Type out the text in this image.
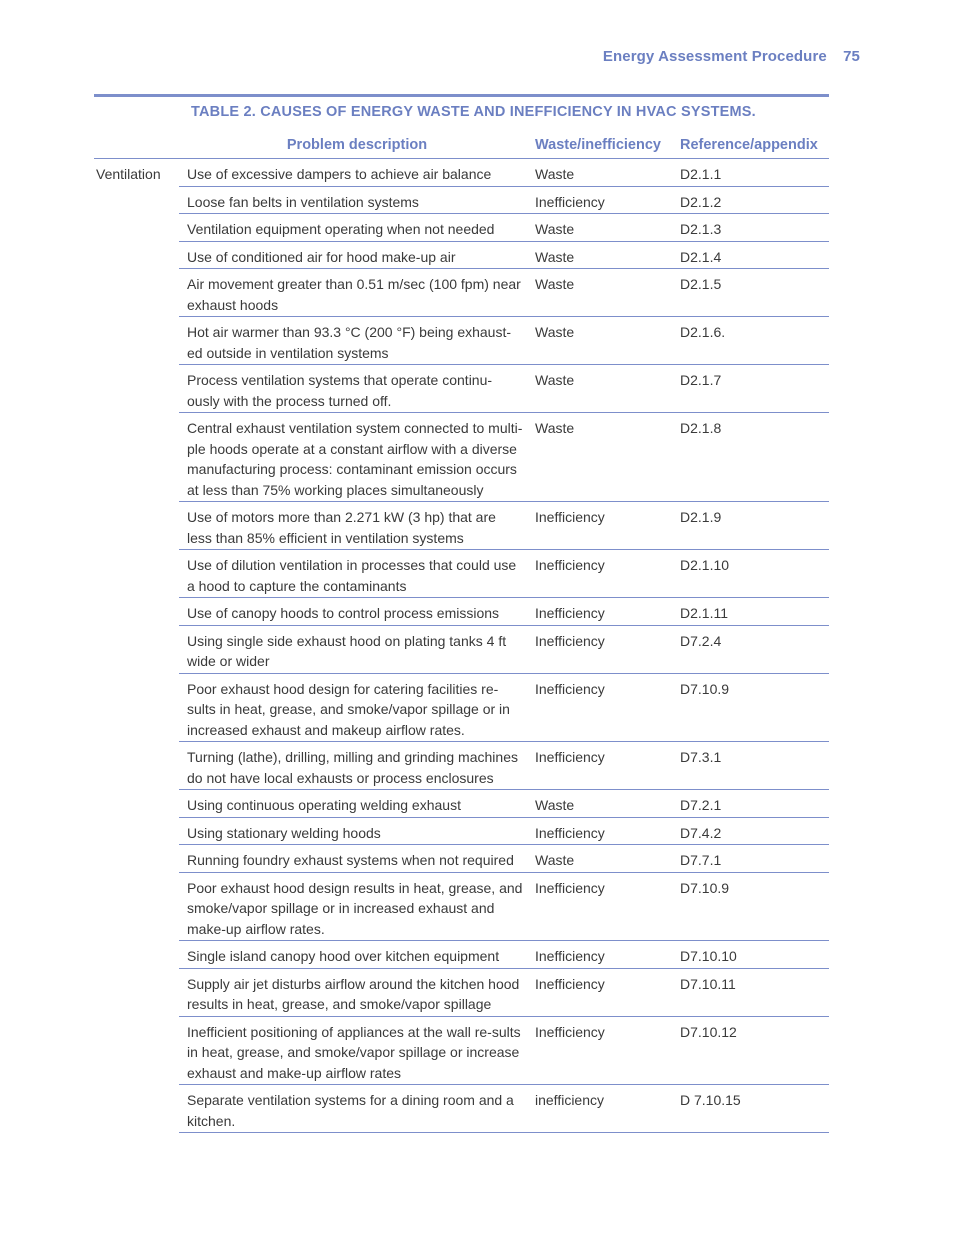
Energy Assessment Procedure 75
TABLE 2. CAUSES OF ENERGY WASTE AND INEFFICIENCY IN HVAC SYSTEMS.
	Problem description	Waste/inefficiency	Reference/appendix
Ventilation	Use of excessive dampers to achieve air balance	Waste	D2.1.1
	Loose fan belts in ventilation systems	Inefficiency	D2.1.2
	Ventilation equipment operating when not needed	Waste	D2.1.3
	Use of conditioned air for hood make-up air	Waste	D2.1.4
	Air movement greater than 0.51 m/sec (100 fpm) near exhaust hoods	Waste	D2.1.5
	Hot air warmer than 93.3 °C (200 °F) being exhaust-ed outside in ventilation systems	Waste	D2.1.6.
	Process ventilation systems that operate continu-ously with the process turned off.	Waste	D2.1.7
	Central exhaust ventilation system connected to multi-ple hoods operate at a constant airflow with a diverse manufacturing process: contaminant emission occurs at less than 75% working places simultaneously	Waste	D2.1.8
	Use of motors more than 2.271 kW (3 hp) that are less than 85% efficient in ventilation systems	Inefficiency	D2.1.9
	Use of dilution ventilation in processes that could use a hood to capture the contaminants	Inefficiency	D2.1.10
	Use of canopy hoods to control process emissions	Inefficiency	D2.1.11
	Using single side exhaust hood on plating tanks 4 ft wide or wider	Inefficiency	D7.2.4
	Poor exhaust hood design for catering facilities re-sults in heat, grease, and smoke/vapor spillage or in increased exhaust and makeup airflow rates.	Inefficiency	D7.10.9
	Turning (lathe), drilling, milling and grinding machines do not have local exhausts or process enclosures	Inefficiency	D7.3.1
	Using continuous operating welding exhaust	Waste	D7.2.1
	Using stationary welding hoods	Inefficiency	D7.4.2
	Running foundry exhaust systems when not required	Waste	D7.7.1
	Poor exhaust hood design results in heat, grease, and smoke/vapor spillage or in increased exhaust and make-up airflow rates.	Inefficiency	D7.10.9
	Single island canopy hood over kitchen equipment	Inefficiency	D7.10.10
	Supply air jet disturbs airflow around the kitchen hood results in heat, grease, and smoke/vapor spillage	Inefficiency	D7.10.11
	Inefficient positioning of appliances at the wall re-sults in heat, grease, and smoke/vapor spillage or increase exhaust and make-up airflow rates	Inefficiency	D7.10.12
	Separate ventilation systems for a dining room and a kitchen.	inefficiency	D 7.10.15
